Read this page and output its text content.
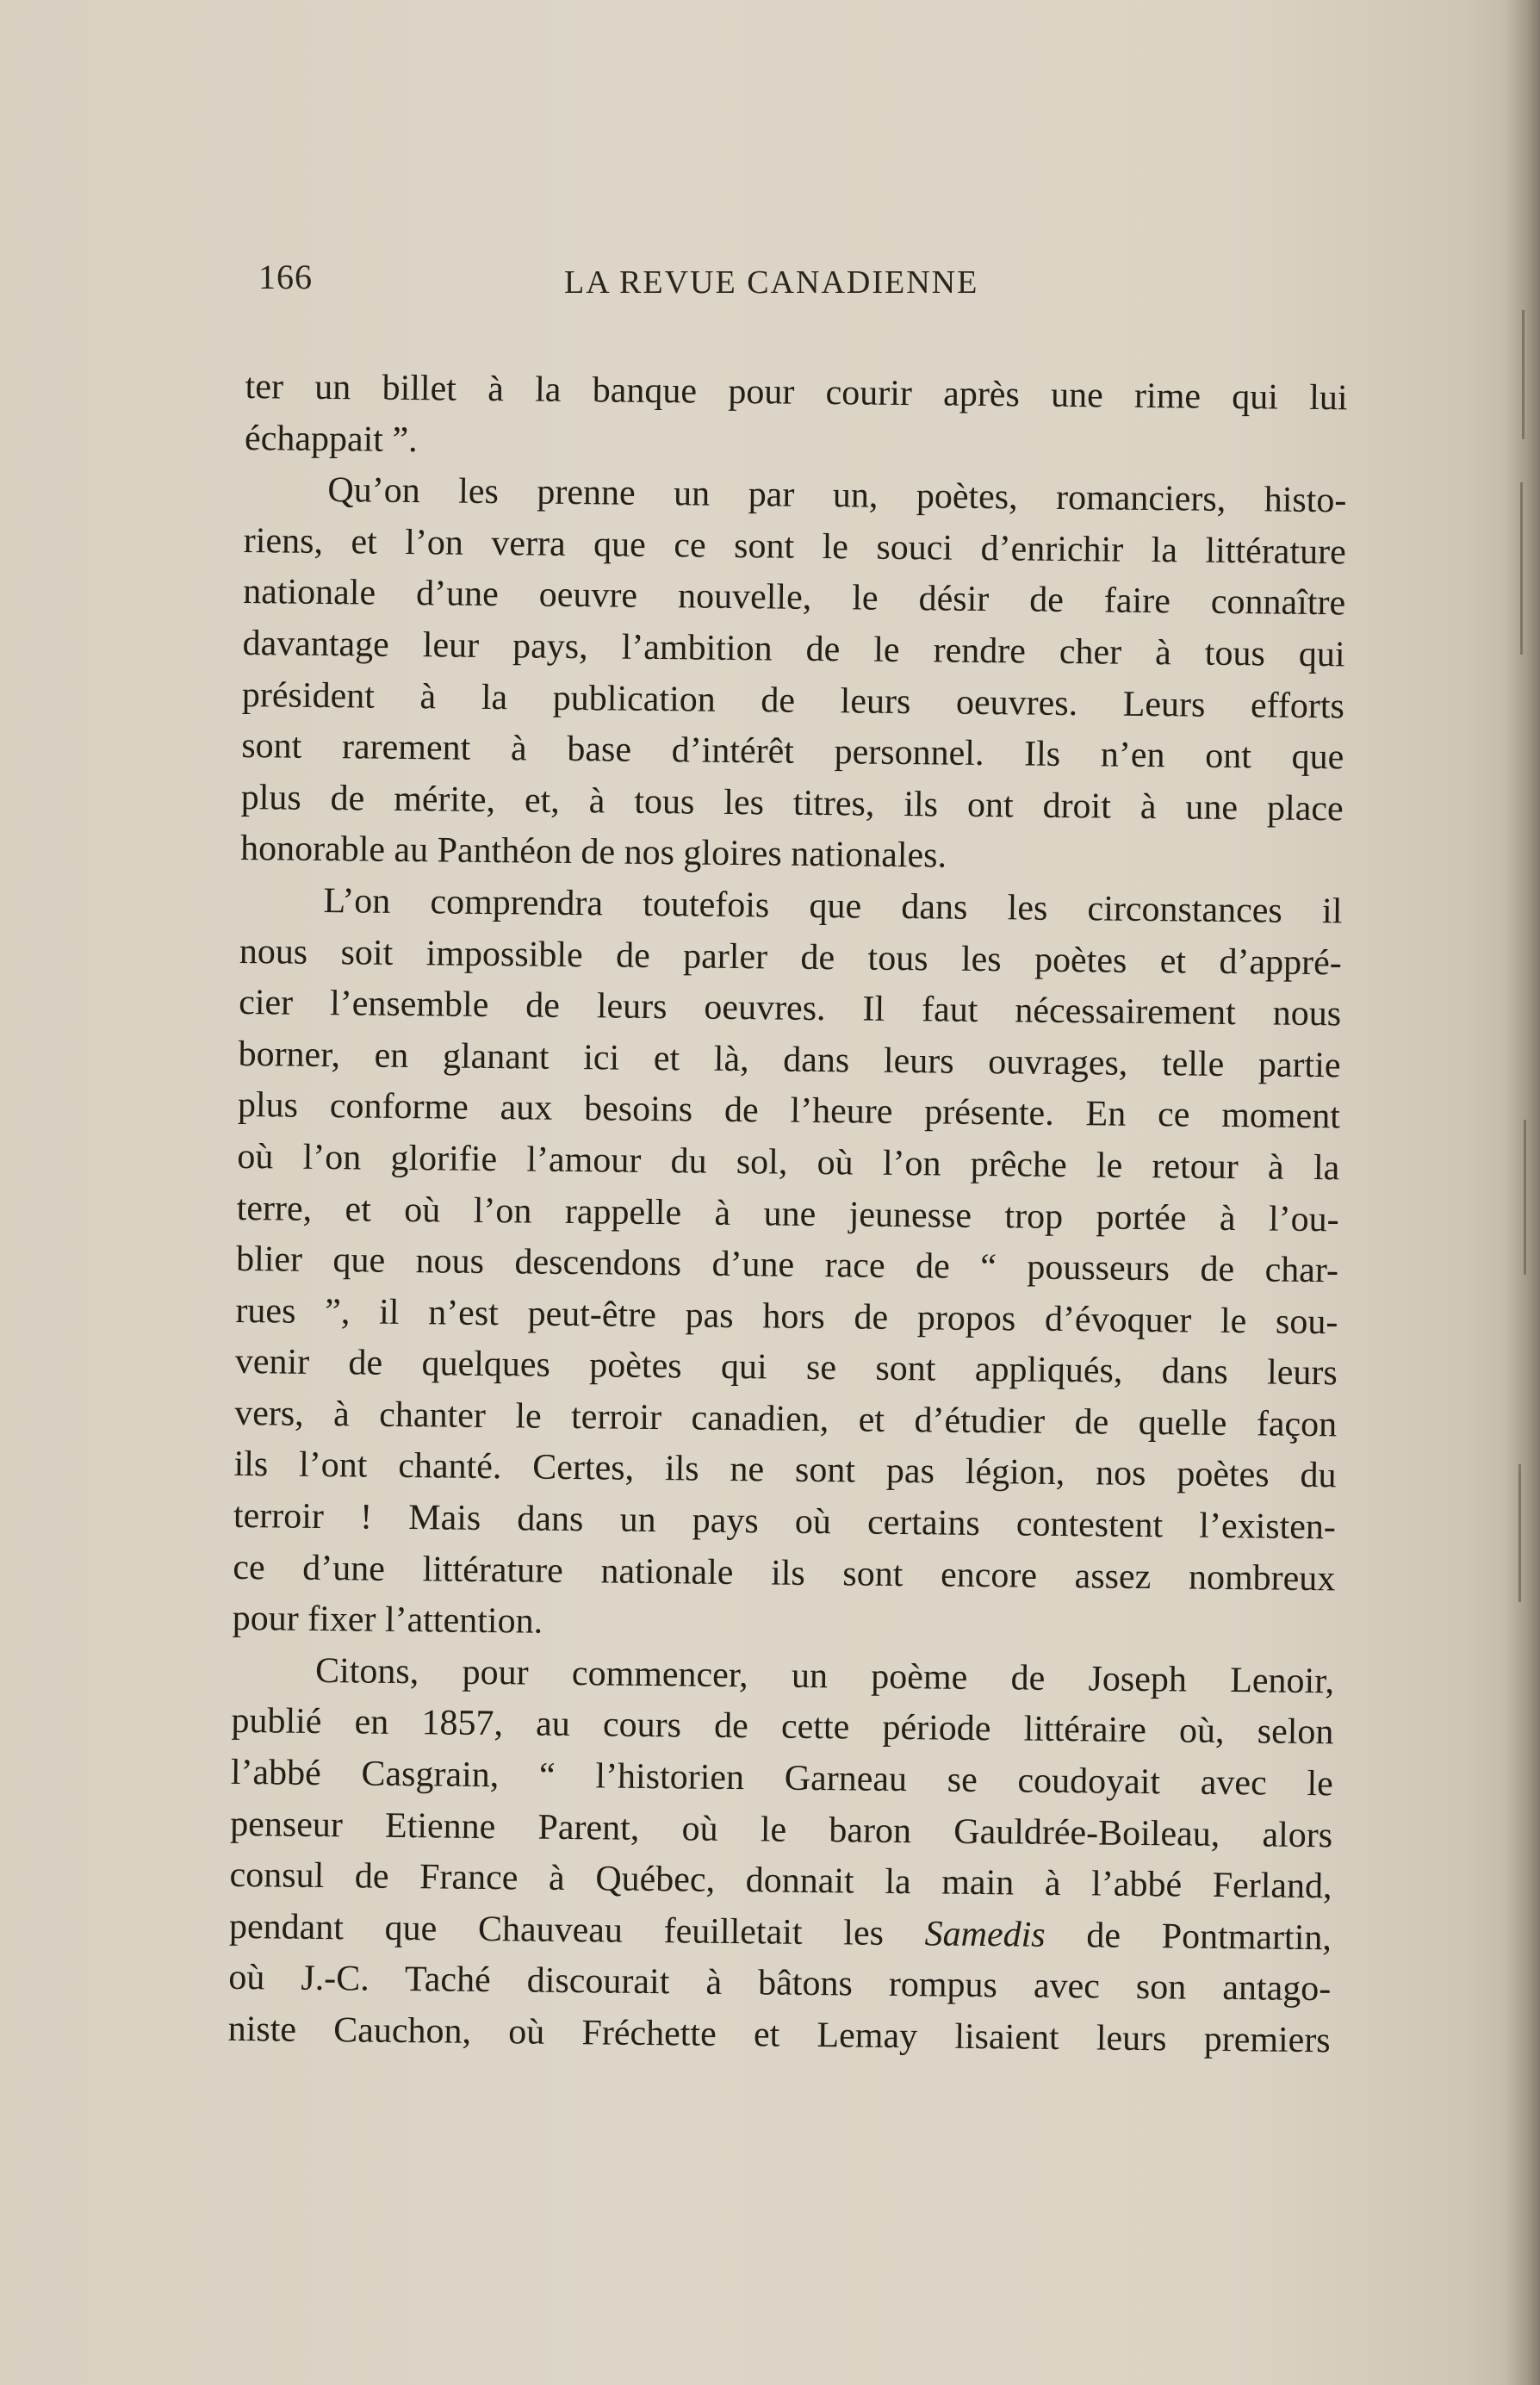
166	LA REVUE CANADIENNE
ter un billet à la banque pour courir après une rime qui lui
échappait ”.
Qu’on les prenne un par un, poètes, romanciers, histo-
riens, et l’on verra que ce sont le souci d’enrichir la littérature
nationale d’une oeuvre nouvelle, le désir de faire connaître
davantage leur pays, l’ambition de le rendre cher à tous qui
président à la publication de leurs oeuvres. Leurs efforts
sont rarement à base d’intérêt personnel. Ils n’en ont que
plus de mérite, et, à tous les titres, ils ont droit à une place
honorable au Panthéon de nos gloires nationales.
L’on comprendra toutefois que dans les circonstances il
nous soit impossible de parler de tous les poètes et d’appré-
cier l’ensemble de leurs oeuvres. Il faut nécessairement nous
borner, en glanant ici et là, dans leurs ouvrages, telle partie
plus conforme aux besoins de l’heure présente. En ce moment
où l’on glorifie l’amour du sol, où l’on prêche le retour à la
terre, et où l’on rappelle à une jeunesse trop portée à l’ou-
blier que nous descendons d’une race de “ pousseurs de char-
rues ”, il n’est peut-être pas hors de propos d’évoquer le sou-
venir de quelques poètes qui se sont appliqués, dans leurs
vers, à chanter le terroir canadien, et d’étudier de quelle façon
ils l’ont chanté. Certes, ils ne sont pas légion, nos poètes du
terroir ! Mais dans un pays où certains contestent l’existen-
ce d’une littérature nationale ils sont encore assez nombreux
pour fixer l’attention.
Citons, pour commencer, un poème de Joseph Lenoir,
publié en 1857, au cours de cette période littéraire où, selon
l’abbé Casgrain, “ l’historien Garneau se coudoyait avec le
penseur Etienne Parent, où le baron Gauldrée-Boileau, alors
consul de France à Québec, donnait la main à l’abbé Ferland,
pendant que Chauveau feuilletait les Samedis de Pontmartin,
où J.-C. Taché discourait à bâtons rompus avec son antago-
niste Cauchon, où Fréchette et Lemay lisaient leurs premiers
